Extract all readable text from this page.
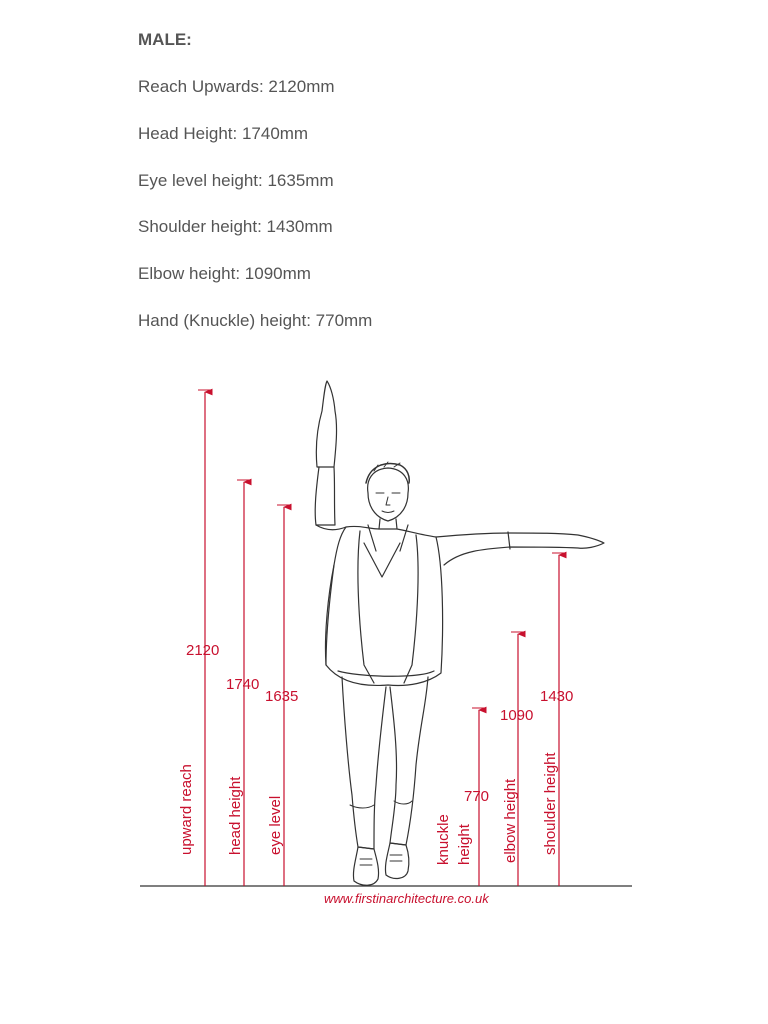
MALE:
Reach Upwards: 2120mm
Head Height: 1740mm
Eye level height: 1635mm
Shoulder height: 1430mm
Elbow height: 1090mm
Hand (Knuckle) height: 770mm
2120
upward reach
1740
head height
1635
eye level	770
knuckle height
1090
elbow height
1430
shoulder height
www.firstinarchitecture.co.uk
